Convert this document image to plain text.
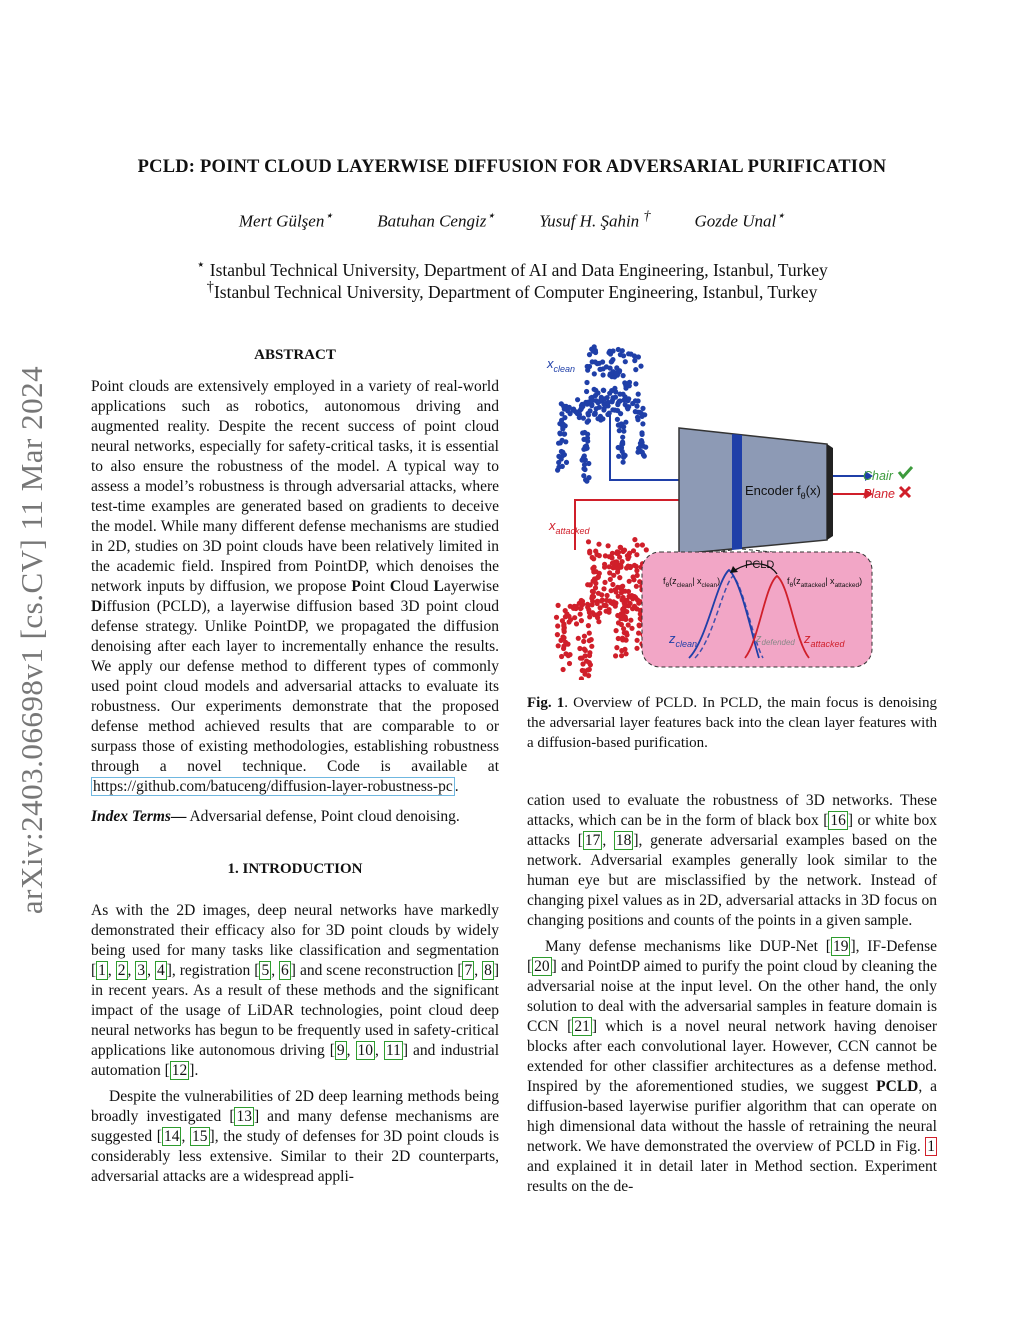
arXiv:2403.06698v1 [cs.CV] 11 Mar 2024
PCLD: POINT CLOUD LAYERWISE DIFFUSION FOR ADVERSARIAL PURIFICATION
Mert Gülşen⋆	Batuhan Cengiz⋆	Yusuf H. Şahin †	Gozde Unal⋆
⋆ Istanbul Technical University, Department of AI and Data Engineering, Istanbul, Turkey
†Istanbul Technical University, Department of Computer Engineering, Istanbul, Turkey

ABSTRACT

Point clouds are extensively employed in a variety of real-world applications such as robotics, autonomous driving and augmented reality. Despite the recent success of point cloud neural networks, especially for safety-critical tasks, it is essential to also ensure the robustness of the model. A typical way to assess a model’s robustness is through adversarial attacks, where test-time examples are generated based on gradients to deceive the model. While many different defense mechanisms are studied in 2D, studies on 3D point clouds have been relatively limited in the academic field. Inspired from PointDP, which denoises the network inputs by diffusion, we propose Point Cloud Layerwise Diffusion (PCLD), a layerwise diffusion based 3D point cloud defense strategy. Unlike PointDP, we propagated the diffusion denoising after each layer to incrementally enhance the results. We apply our defense method to different types of commonly used point cloud models and adversarial attacks to evaluate its robustness. Our experiments demonstrate that the proposed defense method achieved results that are comparable to or surpass those of existing methodologies, establishing robustness through a novel technique. Code is available at https://github.com/batuceng/diffusion-layer-robustness-pc .

Index Terms— Adversarial defense, Point cloud denoising.

1. INTRODUCTION

As with the 2D images, deep neural networks have markedly demonstrated their efficacy also for 3D point clouds by widely being used for many tasks like classification and segmentation [ 1 , 2 , 3 , 4 ], registration [ 5 , 6 ] and scene reconstruction [ 7 , 8 ] in recent years. As a result of these methods and the significant impact of the usage of LiDAR technologies, point cloud deep neural networks has begun to be frequently used in safety-critical applications like autonomous driving [ 9 , 10 , 11 ] and industrial automation [ 12 ].

Despite the vulnerabilities of 2D deep learning methods being broadly investigated [ 13 ] and many defense mechanisms are suggested [ 14 , 15 ], the study of defenses for 3D point clouds is considerably less extensive. Similar to their 2D counterparts, adversarial attacks are a widespread appli-

Encoder $f_\theta(x)$
Chair
Plane
$x_{clean}$
$x_{attacked}$
PCLD
$f_\theta(z_{clean}|$ $x_{clean}$)	$f_\theta(z_{attacked}|$ $x_{attacked}$)
$z_{clean}$	$z_{defended}$ $z_{attacked}$
Fig. 1. Overview of PCLD. In PCLD, the main focus is denoising the adversarial layer features back into the clean layer features with a diffusion-based purification.

cation used to evaluate the robustness of 3D networks. These attacks, which can be in the form of black box [ 16 ] or white box attacks [ 17 , 18 ], generate adversarial examples based on the network. Adversarial examples generally look similar to the human eye but are misclassified by the network. Instead of changing pixel values as in 2D, adversarial attacks in 3D focus on changing positions and counts of the points in a given sample.

Many defense mechanisms like DUP-Net [ 19 ], IF-Defense [ 20 ] and PointDP aimed to purify the point cloud by cleaning the adversarial noise at the input level. On the other hand, the only solution to deal with the adversarial samples in feature domain is CCN [ 21 ] which is a novel neural network having denoiser blocks after each convolutional layer. However, CCN cannot be extended for other classifier architectures as a defense method. Inspired by the aforementioned studies, we suggest PCLD, a diffusion-based layerwise purifier algorithm that can operate on high dimensional data without the hassle of retraining the neural network. We have demonstrated the overview of PCLD in Fig. 1 and explained it in detail later in Method section. Experiment results on the de-
